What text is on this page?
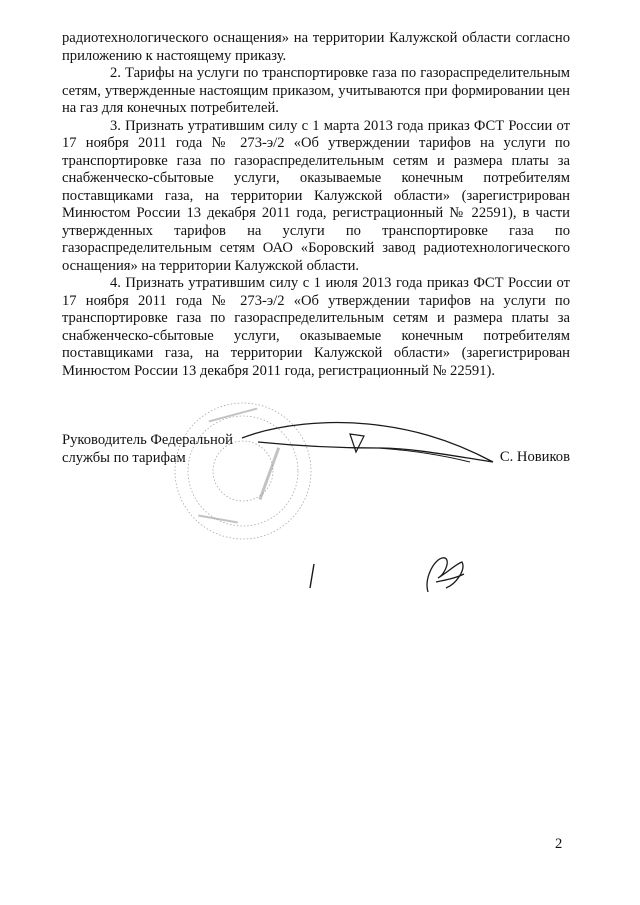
радиотехнологического оснащения» на территории Калужской области согласно приложению к настоящему приказу.

2. Тарифы на услуги по транспортировке газа по газораспределительным сетям, утвержденные настоящим приказом, учитываются при формировании цен на газ для конечных потребителей.

3. Признать утратившим силу с 1 марта 2013 года приказ ФСТ России от 17 ноября 2011 года № 273-э/2 «Об утверждении тарифов на услуги по транспортировке газа по газораспределительным сетям и размера платы за снабженческо-сбытовые услуги, оказываемые конечным потребителям поставщиками газа, на территории Калужской области» (зарегистрирован Минюстом России 13 декабря 2011 года, регистрационный № 22591), в части утвержденных тарифов на услуги по транспортировке газа по газораспределительным сетям ОАО «Боровский завод радиотехнологического оснащения» на территории Калужской области.

4. Признать утратившим силу с 1 июля 2013 года приказ ФСТ России от 17 ноября 2011 года № 273-э/2 «Об утверждении тарифов на услуги по транспортировке газа по газораспределительным сетям и размера платы за снабженческо-сбытовые услуги, оказываемые конечным потребителям поставщиками газа, на территории Калужской области» (зарегистрирован Минюстом России 13 декабря 2011 года, регистрационный № 22591).

Руководитель Федеральной службы по тарифам	С. Новиков
2
